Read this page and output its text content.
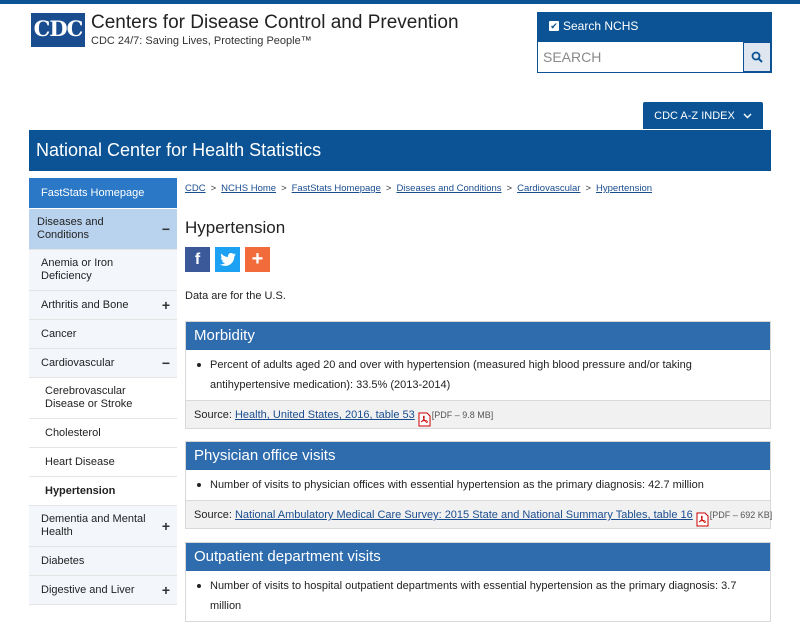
CDC Centers for Disease Control and Prevention
CDC 24/7: Saving Lives, Protecting People™
✔ Search NCHS
SEARCH
CDC A-Z INDEX
National Center for Health Statistics
FastStats Homepage
Diseases and Conditions	−
Anemia or Iron Deficiency
Arthritis and Bone	+
Cancer
Cardiovascular	−
Cerebrovascular Disease or Stroke
Cholesterol
Heart Disease
Hypertension
Dementia and Mental Health	+
Diabetes
Digestive and Liver	+
CDC > NCHS Home > FastStats Homepage > Diseases and Conditions > Cardiovascular > Hypertension
Hypertension
f	+

Data are for the U.S.

Morbidity
Percent of adults aged 20 and over with hypertension (measured high blood pressure and/or taking antihypertensive medication): 33.5% (2013-2014)
Source: Health, United States, 2016, table 53 [PDF – 9.8 MB]
Physician office visits
Number of visits to physician offices with essential hypertension as the primary diagnosis: 42.7 million
Source: National Ambulatory Medical Care Survey: 2015 State and National Summary Tables, table 16 [PDF – 692 KB]
Outpatient department visits
Number of visits to hospital outpatient departments with essential hypertension as the primary diagnosis: 3.7 million
